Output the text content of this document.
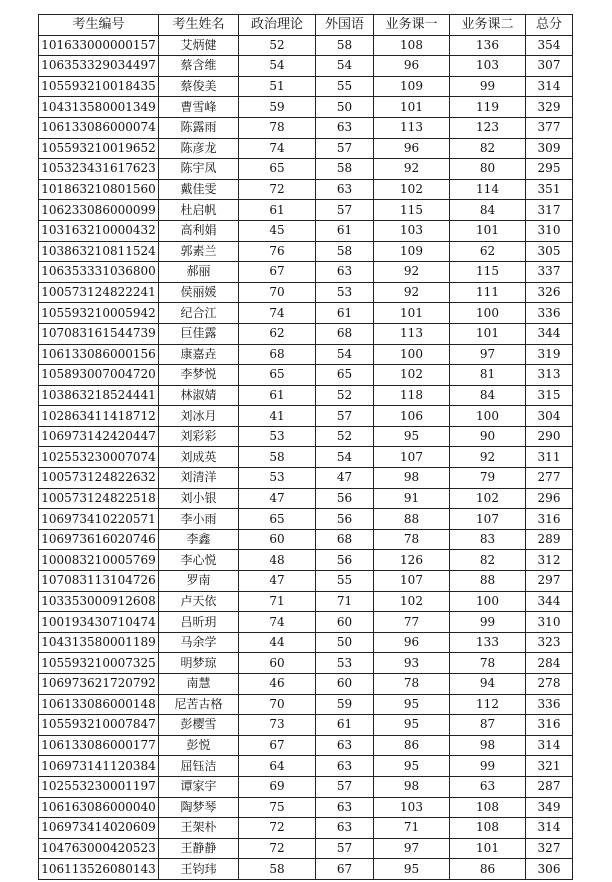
考生编号	考生姓名	政治理论	外国语	业务课一	业务课二	总分
101633000000157	艾炳健	52	58	108	136	354
106353329034497	蔡含维	54	54	96	103	307
105593210018435	蔡俊美	51	55	109	99	314
104313580001349	曹雪峰	59	50	101	119	329
106133086000074	陈露雨	78	63	113	123	377
105593210019652	陈彦龙	74	57	96	82	309
105323431617623	陈宇凤	65	58	92	80	295
101863210801560	戴佳雯	72	63	102	114	351
106233086000099	杜启帆	61	57	115	84	317
103163210000432	高利娟	45	61	103	101	310
103863210811524	郭素兰	76	58	109	62	305
106353331036800	郝丽	67	63	92	115	337
100573124822241	侯丽媛	70	53	92	111	326
105593210005942	纪合江	74	61	101	100	336
107083161544739	巨佳露	62	68	113	101	344
106133086000156	康嘉垚	68	54	100	97	319
105893007004720	李梦悦	65	65	102	81	313
103863218524441	林淑婧	61	52	118	84	315
102863411418712	刘冰月	41	57	106	100	304
106973142420447	刘彩彩	53	52	95	90	290
102553230007074	刘成英	58	54	107	92	311
100573124822632	刘清洋	53	47	98	79	277
100573124822518	刘小银	47	56	91	102	296
106973410220571	李小雨	65	56	88	107	316
106973616020746	李鑫	60	68	78	83	289
100083210005769	李心悦	48	56	126	82	312
107083113104726	罗南	47	55	107	88	297
103353000912608	卢天依	71	71	102	100	344
100193430710474	吕昕玥	74	60	77	99	310
104313580001189	马余学	44	50	96	133	323
105593210007325	明梦琼	60	53	93	78	284
106973621720792	南慧	46	60	78	94	278
106133086000148	尼苦古格	70	59	95	112	336
105593210007847	彭樱雪	73	61	95	87	316
106133086000177	彭悦	67	63	86	98	314
106973141120384	屈钰洁	64	63	95	99	321
102553230001197	谭家宇	69	57	98	63	287
106163086000040	陶梦琴	75	63	103	108	349
106973414020609	王架朴	72	63	71	108	314
104763000420523	王静静	72	57	97	101	327
106113526080143	王钧玮	58	67	95	86	306
